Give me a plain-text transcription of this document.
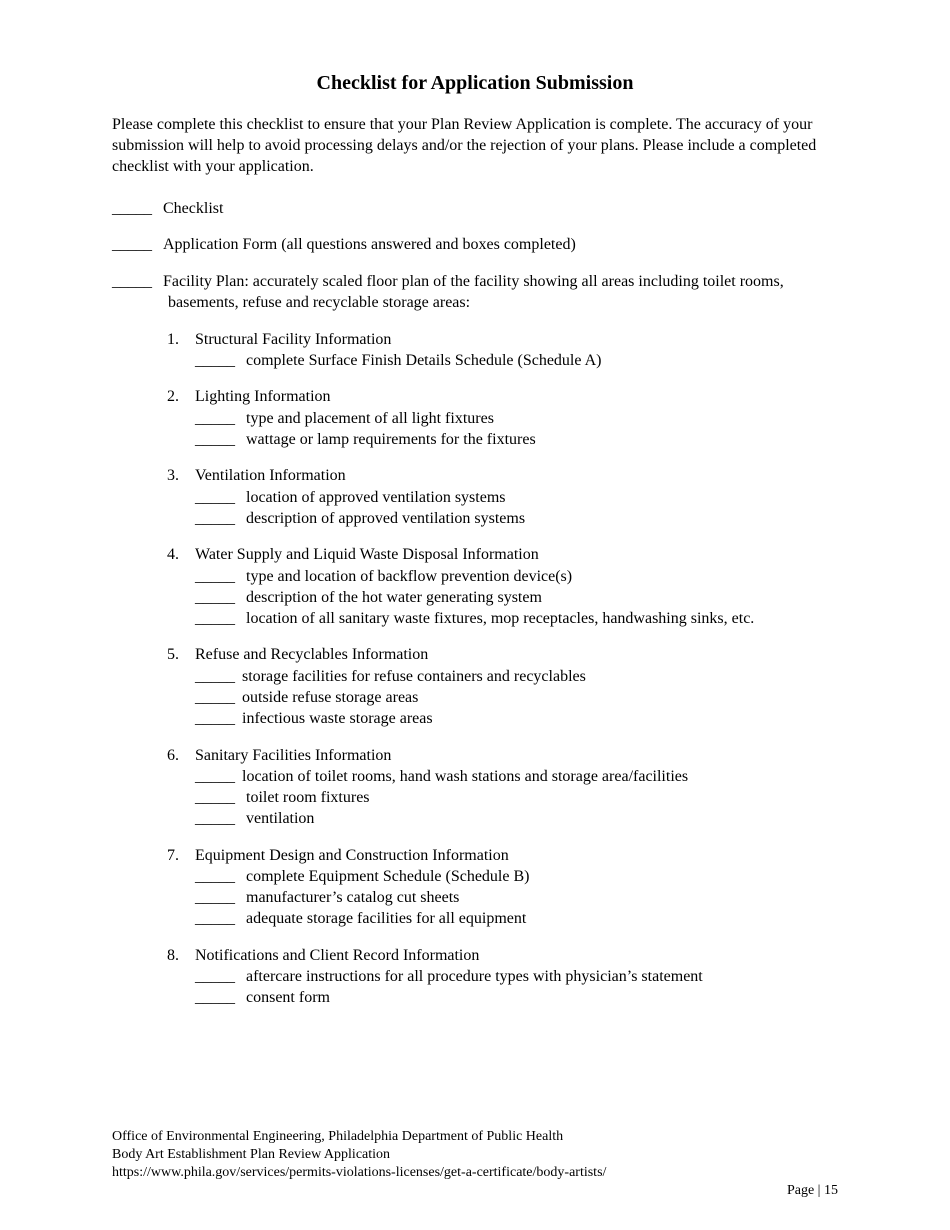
Checklist for Application Submission

Please complete this checklist to ensure that your Plan Review Application is complete. The accuracy of your submission will help to avoid processing delays and/or the rejection of your plans. Please include a completed checklist with your application.

_____ Checklist
_____ Application Form (all questions answered and boxes completed)
_____ Facility Plan: accurately scaled floor plan of the facility showing all areas including toilet rooms,
basements, refuse and recyclable storage areas:
1. Structural Facility Information
_____ complete Surface Finish Details Schedule (Schedule A)
2. Lighting Information
_____ type and placement of all light fixtures
_____ wattage or lamp requirements for the fixtures
3. Ventilation Information
_____ location of approved ventilation systems
_____ description of approved ventilation systems
4. Water Supply and Liquid Waste Disposal Information
_____ type and location of backflow prevention device(s)
_____ description of the hot water generating system
_____ location of all sanitary waste fixtures, mop receptacles, handwashing sinks, etc.
5. Refuse and Recyclables Information
_____ storage facilities for refuse containers and recyclables
_____ outside refuse storage areas
_____ infectious waste storage areas
6. Sanitary Facilities Information
_____ location of toilet rooms, hand wash stations and storage area/facilities
_____ toilet room fixtures
_____ ventilation
7. Equipment Design and Construction Information
_____ complete Equipment Schedule (Schedule B)
_____ manufacturer’s catalog cut sheets
_____ adequate storage facilities for all equipment
8. Notifications and Client Record Information
_____ aftercare instructions for all procedure types with physician’s statement
_____ consent form
Office of Environmental Engineering, Philadelphia Department of Public Health
Body Art Establishment Plan Review Application
https://www.phila.gov/services/permits-violations-licenses/get-a-certificate/body-artists/
Page | 15
